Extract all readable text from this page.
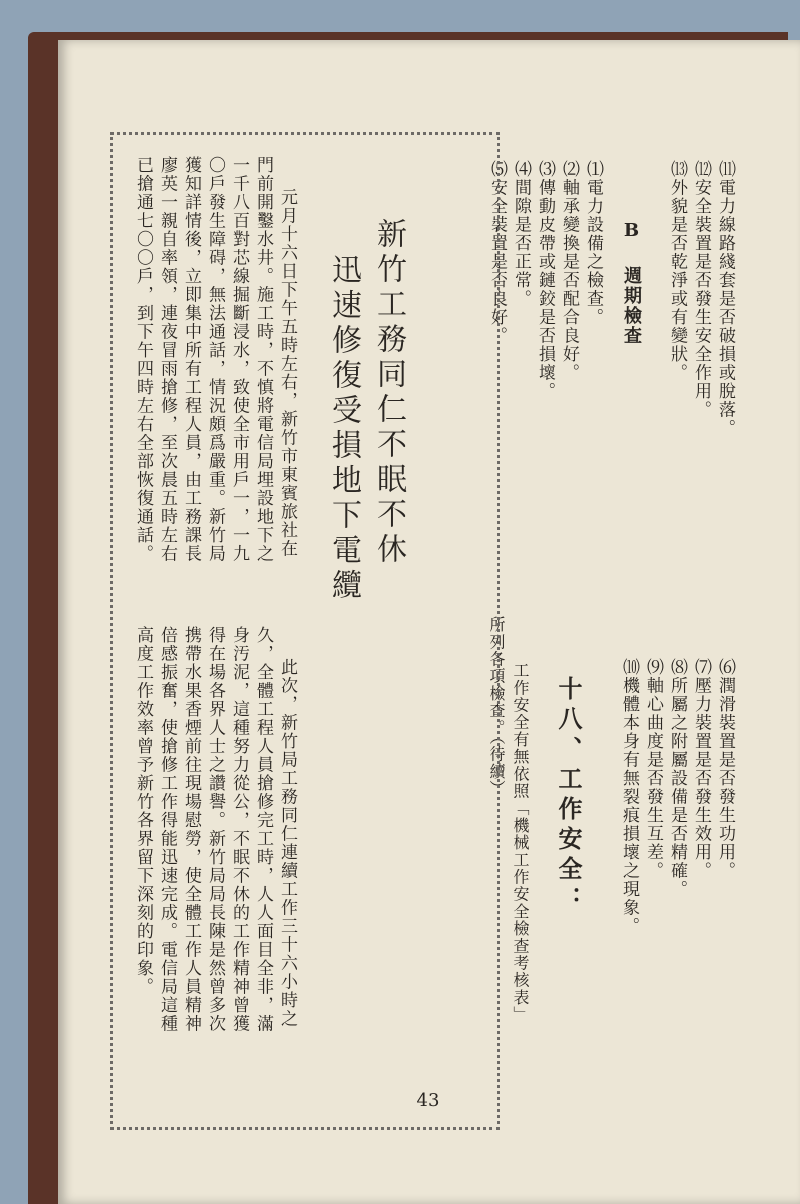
⑾電力線路綫套是否破損或脫落。
⑿安全裝置是否發生安全作用。
⒀外貌是否乾淨或有變狀。
B 週期檢查
⑴電力設備之檢查。
⑵軸承變換是否配合良好。
⑶傳動皮帶或鏈鉸是否損壞。
⑷間隙是否正常。
⑸安全裝置是否良好。
⑹潤滑裝置是否發生功用。
⑺壓力裝置是否發生效用。
⑻所屬之附屬設備是否精確。
⑼軸心曲度是否發生互差。
⑽機體本身有無裂痕損壞之現象。
十八、工作安全：
工作安全有無依照「機械工作安全檢查考核表」
所列各項檢查。（待續）
新竹工務同仁不眠不休
迅速修復受損地下電纜
元月十六日下午五時左右，新竹市東賓旅社在
門前開鑿水井。施工時，不慎將電信局埋設地下之
一千八百對芯線掘斷浸水，致使全市用戶一，一九
〇戶發生障碍，無法通話，情況頗爲嚴重。新竹局
獲知詳情後，立即集中所有工程人員，由工務課長
廖英一親自率領，連夜冒雨搶修，至次晨五時左右
已搶通七〇〇戶，到下午四時左右全部恢復通話。
此次，新竹局工務同仁連續工作三十六小時之
久，全體工程人員搶修完工時，人人面目全非，滿
身汚泥，這種努力從公，不眠不休的工作精神曾獲
得在場各界人士之讚譽。新竹局局長陳是然曾多次
携帶水果香煙前往現場慰勞，使全體工作人員精神
倍感振奮，使搶修工作得能迅速完成。電信局這種
高度工作效率曾予新竹各界留下深刻的印象。
43
